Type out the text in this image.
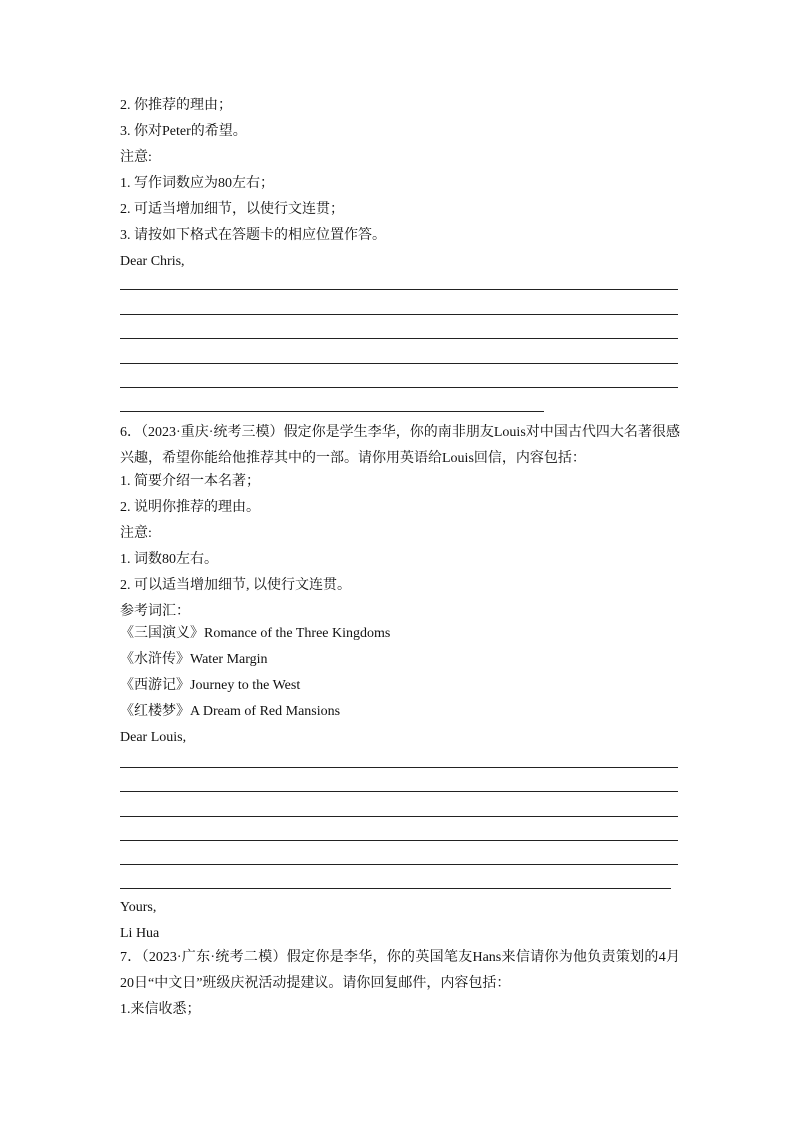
2. 你推荐的理由；
3. 你对Peter的希望。
注意:
1. 写作词数应为80左右；
2. 可适当增加细节，以使行文连贯；
3. 请按如下格式在答题卡的相应位置作答。
Dear Chris,
6．（2023·重庆·统考三模）假定你是学生李华，你的南非朋友Louis对中国古代四大名著很感兴趣，希望你能给他推荐其中的一部。请你用英语给Louis回信，内容包括：
1. 简要介绍一本名著；
2. 说明你推荐的理由。
注意:
1. 词数80左右。
2. 可以适当增加细节, 以使行文连贯。
参考词汇：
《三国演义》Romance of the Three Kingdoms
《水浒传》Water Margin
《西游记》Journey to the West
《红楼梦》A Dream of Red Mansions
Dear Louis,
Yours,
Li Hua
7．（2023·广东·统考二模）假定你是李华，你的英国笔友Hans来信请你为他负责策划的4月20日“中文日”班级庆祝活动提建议。请你回复邮件，内容包括：
1.来信收悉；
